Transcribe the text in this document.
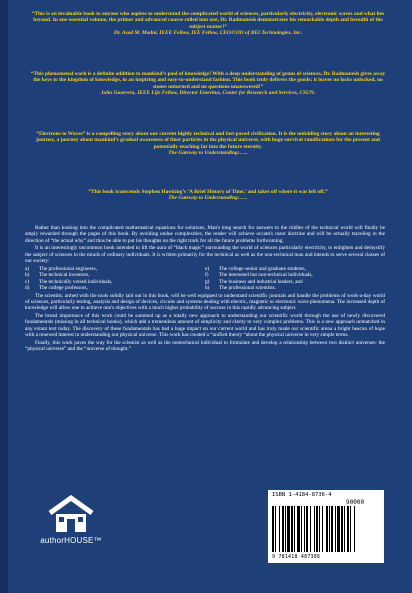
“This is an invaluable book to anyone who aspires to understand the complicated world of sciences, particularly electricity, electronic waves and what lies beyond. In one essential volume, the primer and advanced course rolled into one, Dr. Radmanesh demonstrates his remarkable depth and breadth of the subject matter!”
Dr. Asad M. Madni, IEEE Fellow, IEE Fellow, CEO/COO of BEI Technologies, Inc.

“This phenomenal work is a definite addition to mankind’s pool of knowledge! With a deep understanding of genus of sciences, Dr. Radmanesh gives away the keys to the kingdom of knowledge, in an inspiring and easy-to-understand fashion. This book truly delivers the goods; it leaves no locks unlocked, no stones unturned and no questions unanswered!”
John Guarrera, IEEE Life Fellow, Director Emeritus, Center for Research and Services, CSUN.

“Electrons to Waves” is a compelling story about our current highly technical and fast-paced civilization. It is the unfolding story about an interesting journey, a journey about mankind’s gradual awareness of finer particles in the physical universe, with huge survival ramifications for the present and potentially reaching far into the future eternity.
The Gateway to Understanding:…..

“This book transcends Stephen Hawking’s ‘A Brief History of Time,’ and takes off where it was left off.”
The Gateway to Understanding:…..

Rather than looking into the complicated mathematical equations for solutions, Man's long search for answers to the riddles of the technical world will finally be amply rewarded through the pages of this book. By avoiding undue complexities, the reader will achieve occam's razor doctrine and will be actually traveling in the direction of “the actual why” and thus be able to put his thoughts on the right track for all the future problems forthcoming.

It is an interestingly uncommon book intended to lift the aura of “black magic” surrounding the world of sciences particularly electricity, to enlighten and demystify the subject of sciences in the minds of ordinary individuals. It is written primarily for the technical as well as the non-technical man and intends to serve several classes of our society:

a)	The professional engineers,
b)	The technical inventors,
c)	The technically versed individuals,
d)	The college professors,
e)	The college senior and graduate students,
f)	The interested but non-technical individuals,
g)	The business and industrial leaders, and
h)	The professional scientists.

The scientist, armed with the tools solidly laid out in this book, will be well equipped to understand scientific journals and handle the problems of work-a-day world of sciences, particularly testing, analysis and design of devices, circuits and systems dealing with electric, magnetic or electronic wave phenomena. The increased depth of knowledge will allow one to achieve one's objectives with a much higher probability of success in this rapidly advancing subject.

The broad importance of this work could be summed up as a totally new approach to understanding our scientific world through the use of newly discovered fundamentals (missing in all technical books), which add a tremendous amount of simplicity and clarity to very complex problems. This is a new approach unmatched in any extant text today. The discovery of these fundamentals has had a huge impact on our current world and has truly made our scientific arena a bright beacon of hope with a renewed interest in understanding our physical universe. This work has created a “unified theory “about the physical universe in very simple terms.

Finally, this work paves the way for the scientist as well as the nontechnical individual to formulate and develop a relationship between two distinct universes: the “physical universe” and the “universe of thought.”

authorHOUSE™
ISBN 1-4184-8736-4
90000
9 781418 487386
